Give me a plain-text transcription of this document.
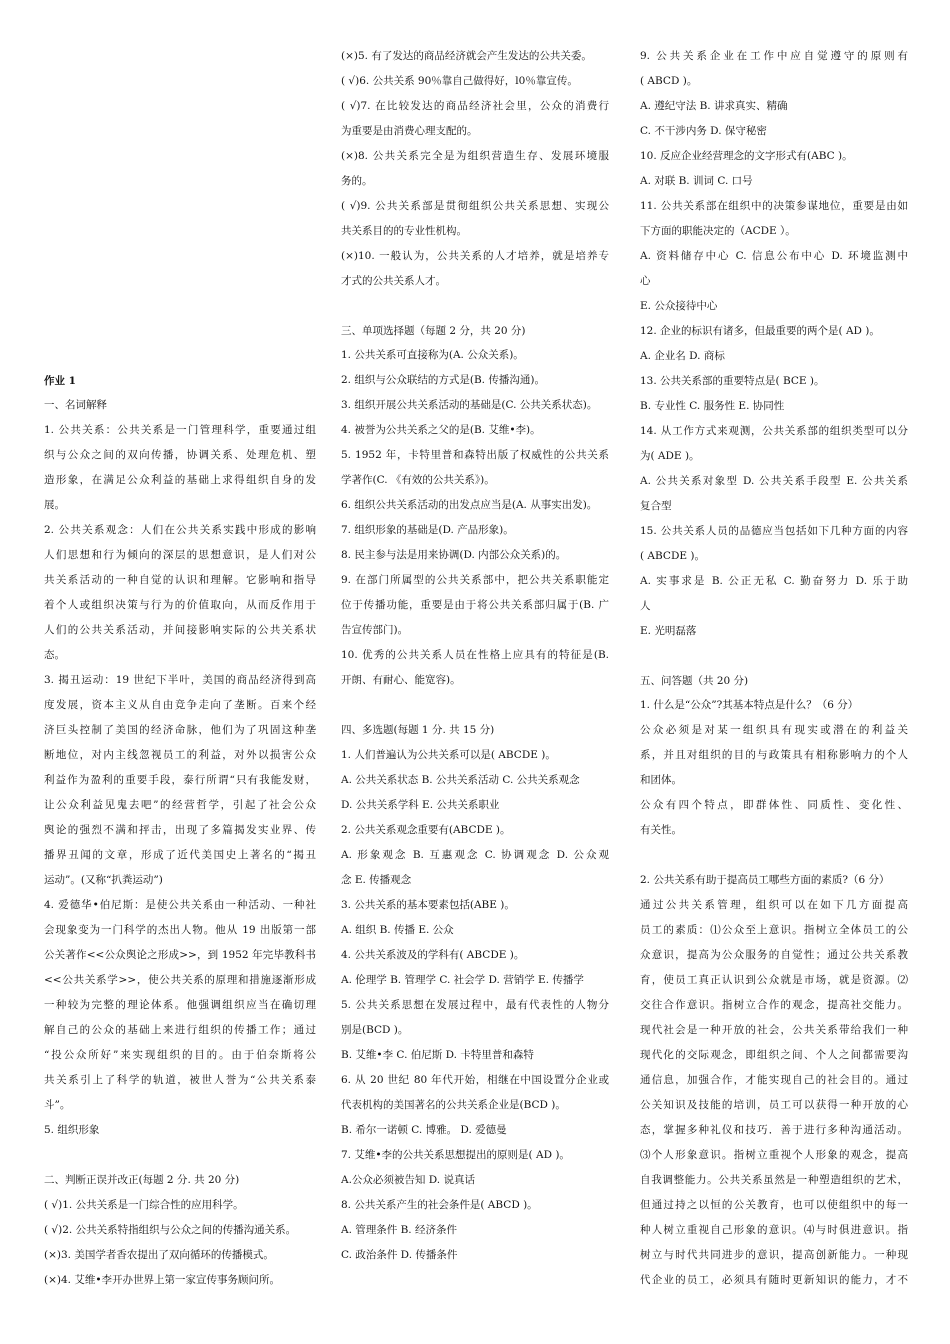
作业 1
一、名词解释
1. 公共关系：公共关系是一门管理科学，重要通过组
织与公众之间的双向传播，协调关系、处理危机、塑
造形象，在满足公众利益的基础上求得组织自身的发
展。
2. 公共关系观念：人们在公共关系实践中形成的影响
人们思想和行为倾向的深层的思想意识，是人们对公
共关系活动的一种自觉的认识和理解。它影响和指导
着个人或组织决策与行为的价值取向，从而反作用于
人们的公共关系活动，并间接影响实际的公共关系状
态。
3. 揭丑运动：19 世纪下半叶，美国的商品经济得到高
度发展，资本主义从自由竞争走向了垄断。百来个经
济巨头控制了美国的经济命脉，他们为了巩固这种垄
断地位，对内主线忽视员工的利益，对外以损害公众
利益作为盈利的重要手段，泰行所谓“只有我能发财，
让公众利益见鬼去吧”的经营哲学，引起了社会公众
舆论的强烈不满和抨击，出现了多篇揭发实业界、传
播界丑闻的文章，形成了近代美国史上著名的“揭丑
运动”。(又称“扒粪运动”)
4. 爱德华•伯尼斯：是使公共关系由一种活动、一种社
会现象变为一门科学的杰出人物。他从 19 出版第一部
公关著作<<公众舆论之形成>>，到 1952 年完毕教科书
<<公共关系学>>，使公共关系的原理和措施逐渐形成
一种较为完整的理论体系。他强调组织应当在确切理
解自己的公众的基础上来进行组织的传播工作；通过
“投公众所好”来实现组织的目的。由于伯奈斯将公
共关系引上了科学的轨道，被世人誉为“公共关系泰
斗”。
5. 组织形象
二、判断正误并改正(每题 2 分. 共 20 分)
( √)1. 公共关系是一门综合性的应用科学。
( √)2. 公共关系特指组织与公众之间的传播沟通关系。
(×)3. 美国学者香农提出了双向循环的传播模式。
(×)4. 艾维•李开办世界上第一家宣传事务顾问所。
(×)5. 有了发达的商品经济就会产生发达的公共关委。
( √)6. 公共关系 90％靠自己做得好，l0％靠宣传。
( √)7. 在比较发达的商品经济社会里，公众的消费行
为重要是由消费心理支配的。
(×)8. 公共关系完全是为组织营造生存、发展环境服
务的。
( √)9. 公共关系部是贯彻组织公共关系思想、实现公
共关系目的的专业性机构。
(×)10. 一般认为，公共关系的人才培养，就是培养专
才式的公共关系人才。
三、单项选择题（每题 2 分，共 20 分)
1. 公共关系可直接称为(A. 公众关系)。
2. 组织与公众联结的方式是(B. 传播沟通)。
3. 组织开展公共关系活动的基础是(C. 公共关系状态)。
4. 被誉为公共关系之父的是(B. 艾维•李)。
5. 1952 年，卡特里普和森特出版了权威性的公共关系
学著作(C. 《有效的公共关系》)。
6. 组织公共关系活动的出发点应当是(A. 从事实出发)。
7. 组织形象的基础是(D. 产品形象)。
8. 民主参与法是用来协调(D. 内部公众关系)的。
9. 在部门所属型的公共关系部中，把公共关系职能定
位于传播功能，重要是由于将公共关系部归属于(B. 广
告宣传部门)。
10. 优秀的公共关系人员在性格上应具有的特征是(B.
开朗、有耐心、能宽容)。
四、多选题(每题 1 分. 共 15 分)
1. 人们普遍认为公共关系可以是( ABCDE )。
A. 公共关系状态 B. 公共关系活动 C. 公共关系观念
D. 公共关系学科 E. 公共关系职业
2. 公共关系观念重要有(ABCDE )。
A. 形象观念 B. 互惠观念 C. 协调观念 D. 公众观
念 E. 传播观念
3. 公共关系的基本要素包括(ABE )。
A. 组织 B. 传播 E. 公众
4. 公共关系波及的学科有( ABCDE )。
A. 伦理学 B. 管理学 C. 社会学 D. 营销学 E. 传播学
5. 公共关系思想在发展过程中，最有代表性的人物分
别是(BCD )。
B. 艾维•李 C. 伯尼斯 D. 卡特里普和森特
6. 从 20 世纪 80 年代开始，相继在中国设置分企业或
代表机构的美国著名的公共关系企业是(BCD )。
B. 希尔一诺顿 C. 博雅。 D. 爱德曼
7. 艾维•李的公共关系思想提出的原则是( AD )。
A.公众必须被告知 D. 说真话
8. 公共关系产生的社会条件是( ABCD )。
A. 管理条件 B. 经济条件
C. 政治条件 D. 传播条件
9. 公共关系企业在工作中应自觉遵守的原则有
( ABCD )。
A. 遵纪守法 B. 讲求真实、精确
C. 不干涉内务 D. 保守秘密
10. 反应企业经营理念的文字形式有(ABC )。
A. 对联 B. 训词 C. 口号
11. 公共关系部在组织中的决策参谋地位，重要是由如
下方面的职能决定的（ACDE ）。
A. 资料储存中心 C. 信息公布中心 D. 环境监测中
心
E. 公众接待中心
12. 企业的标识有诸多，但最重要的两个是( AD )。
A. 企业名 D. 商标
13. 公共关系部的重要特点是( BCE )。
B. 专业性 C. 服务性 E. 协同性
14. 从工作方式来观测，公共关系部的组织类型可以分
为( ADE )。
A. 公共关系对象型 D. 公共关系手段型 E. 公共关系
复合型
15. 公共关系人员的品德应当包括如下几种方面的内容
( ABCDE )。
A. 实事求是 B. 公正无私 C. 勤奋努力 D. 乐于助
人
E. 光明磊落
五、问答题（共 20 分)
1. 什么是“公众”?其基本特点是什么？（6 分）
公众必须是对某一组织具有现实或潜在的利益关
系，并且对组织的目的与政策具有相称影响力的个人
和团体。
公众有四个特点，即群体性、同质性、变化性、
有关性。
2. 公共关系有助于提高员工哪些方面的素质?（6 分）
通过公共关系管理，组织可以在如下几方面提高
员工的素质：⑴公众至上意识。指树立全体员工的公
众意识，提高为公众服务的自觉性；通过公共关系教
育，使员工真正认识到公众就是市场，就是资源。⑵
交往合作意识。指树立合作的观念，提高社交能力。
现代社会是一种开放的社会，公共关系带给我们一种
现代化的交际观念，即组织之间、个人之间都需要沟
通信息，加强合作，才能实现自己的社会目的。通过
公关知识及技能的培训，员工可以获得一种开放的心
态，掌握多种礼仪和技巧．善于进行多种沟通活动。
⑶个人形象意识。指树立重视个人形象的观念，提高
自我调整能力。公共关系虽然是一种塑造组织的艺术，
但通过持之以恒的公关教育，也可以使组织中的每一
种人树立重视自己形象的意识。⑷与时俱进意识。指
树立与时代共同进步的意识，提高创新能力。一种现
代企业的员工，必须具有随时更新知识的能力，才不
